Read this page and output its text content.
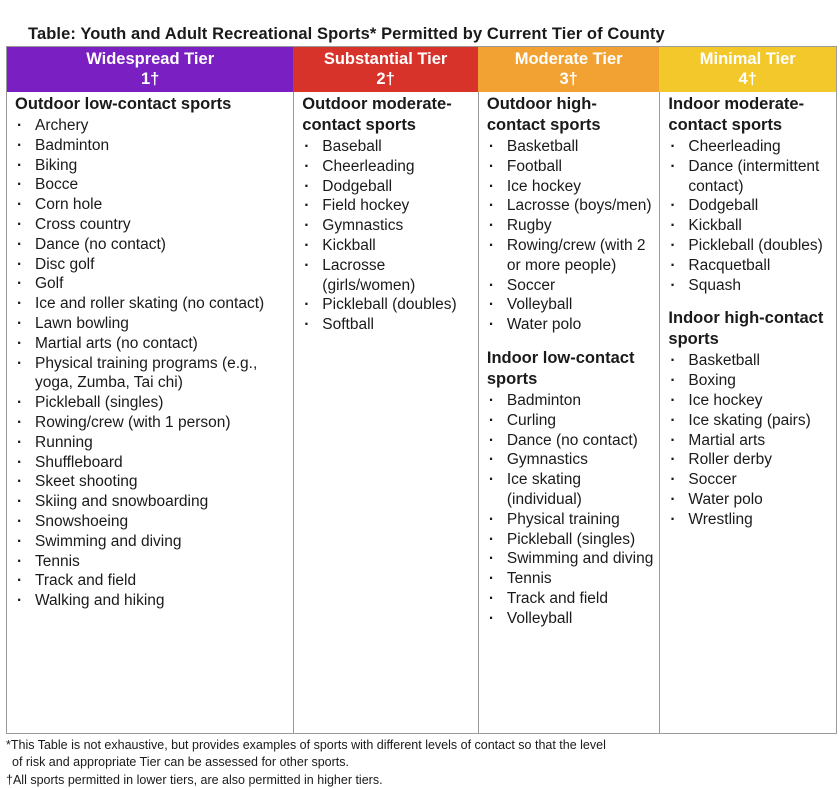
Table: Youth and Adult Recreational Sports* Permitted by Current Tier of County
Widespread Tier
1†
Substantial Tier
2†
Moderate Tier
3†
Minimal Tier
4†
Outdoor low-contact sports
· Archery
· Badminton
· Biking
· Bocce
· Corn hole
· Cross country
· Dance (no contact)
· Disc golf
· Golf
· Ice and roller skating (no contact)
· Lawn bowling
· Martial arts (no contact)
· Physical training programs (e.g., yoga, Zumba, Tai chi)
· Pickleball (singles)
· Rowing/crew (with 1 person)
· Running
· Shuffleboard
· Skeet shooting
· Skiing and snowboarding
· Snowshoeing
· Swimming and diving
· Tennis
· Track and field
· Walking and hiking
Outdoor moderate-contact sports
· Baseball
· Cheerleading
· Dodgeball
· Field hockey
· Gymnastics
· Kickball
· Lacrosse (girls/women)
· Pickleball (doubles)
· Softball
Outdoor high-contact sports
· Basketball
· Football
· Ice hockey
· Lacrosse (boys/men)
· Rugby
· Rowing/crew (with 2 or more people)
· Soccer
· Volleyball
· Water polo
Indoor low-contact sports
· Badminton
· Curling
· Dance (no contact)
· Gymnastics
· Ice skating (individual)
· Physical training
· Pickleball (singles)
· Swimming and diving
· Tennis
· Track and field
· Volleyball
Indoor moderate-contact sports
· Cheerleading
· Dance (intermittent contact)
· Dodgeball
· Kickball
· Pickleball (doubles)
· Racquetball
· Squash
Indoor high-contact sports
· Basketball
· Boxing
· Ice hockey
· Ice skating (pairs)
· Martial arts
· Roller derby
· Soccer
· Water polo
· Wrestling
*This Table is not exhaustive, but provides examples of sports with different levels of contact so that the level
of risk and appropriate Tier can be assessed for other sports.
†All sports permitted in lower tiers, are also permitted in higher tiers.
